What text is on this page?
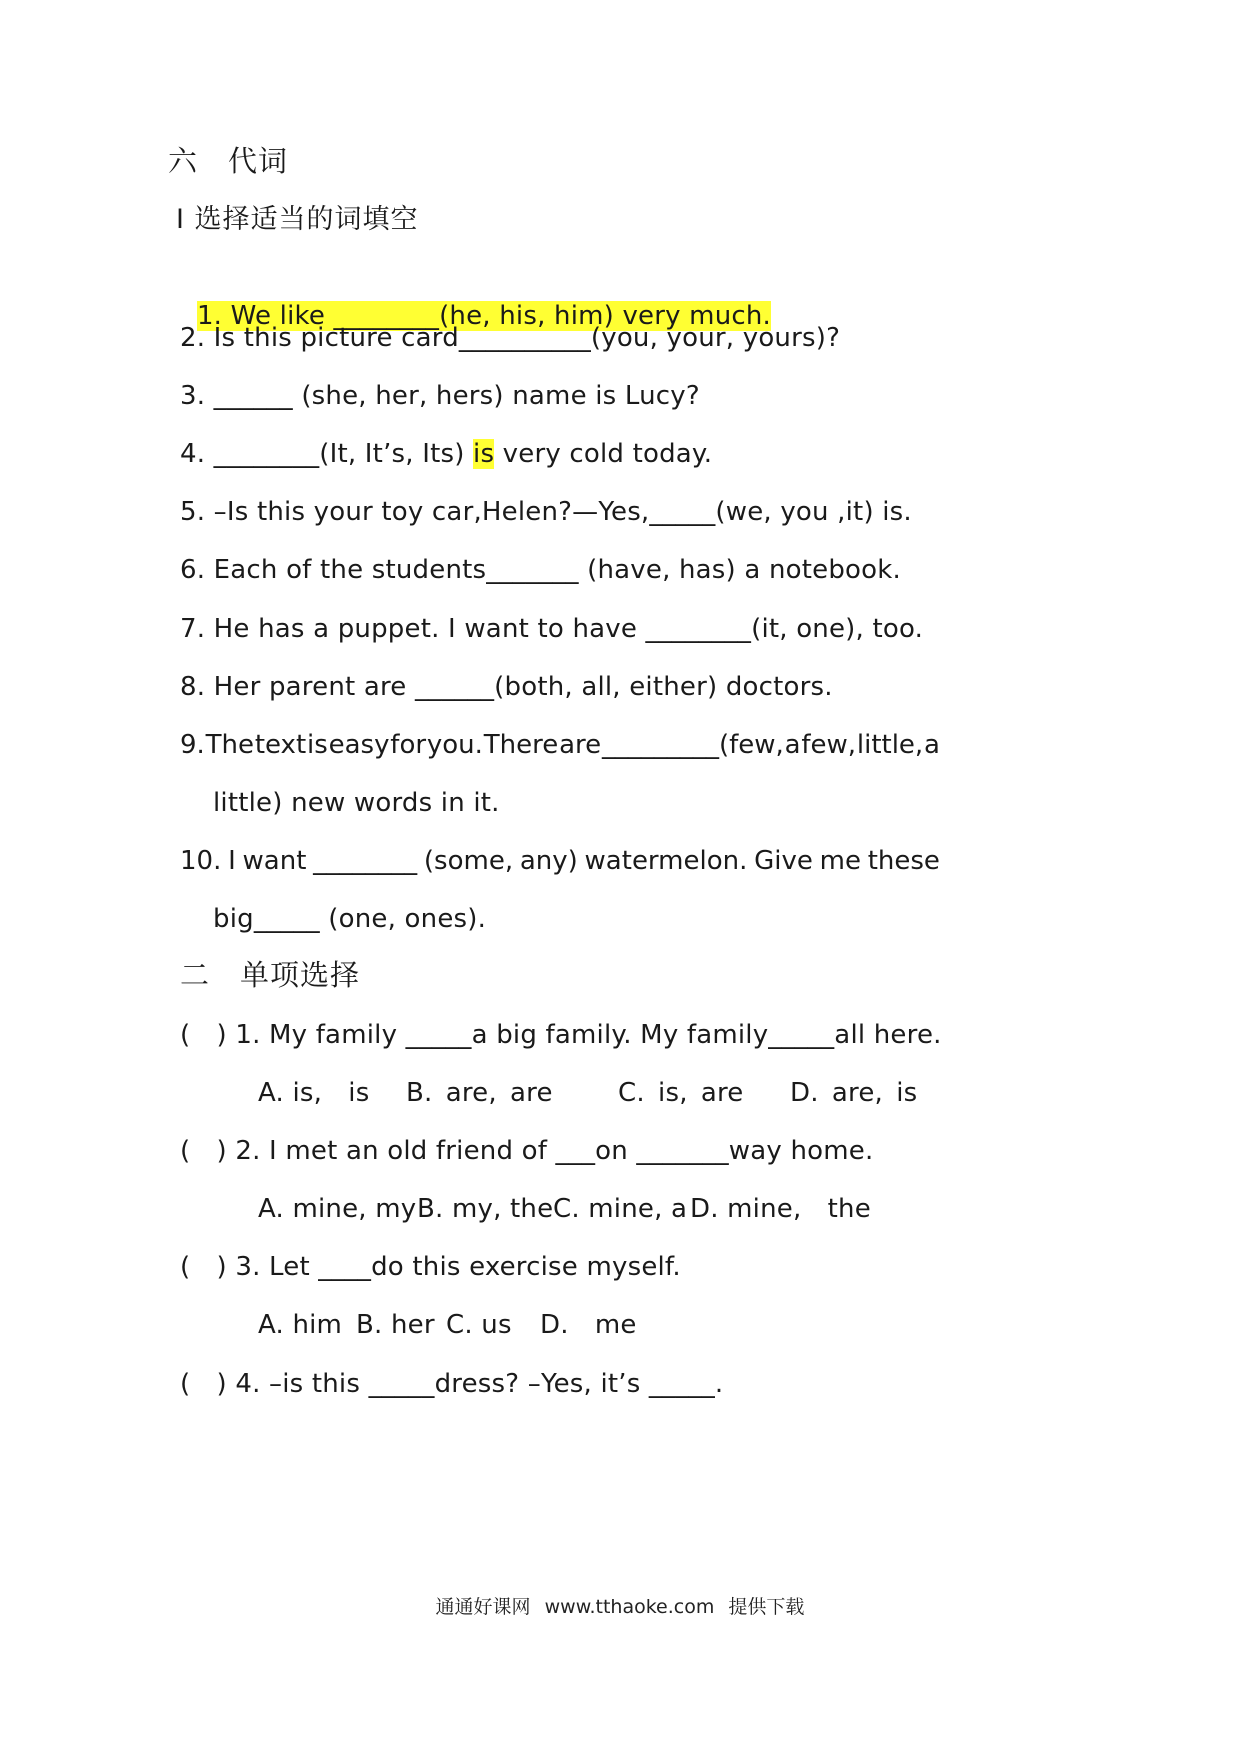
六　代词
I 选择适当的词填空

1. We like ________(he, his, him) very much.

2. Is this picture card__________(you, your, yours)?
3. ______ (she, her, hers) name is Lucy?
4. ________(It, It’s, Its) is very cold today.
5. –Is this your toy car,Helen?—Yes,_____(we, you ,it) is.
6. Each of the students_______ (have, has) a notebook.
7. He has a puppet. I want to have ________(it, one), too.
8. Her parent are ______(both, all, either) doctors.
9. The text is easy for you. There are _________(few, a few, little, a
little) new words in it.
10. I want ________ (some, any) watermelon. Give me these
big_____ (one, ones).
二　单项选择
(　) 1. My family _____a big family. My family_____all here.
A. is, is B. are, are	C. is, are D. are, is
(　) 2. I met an old friend of ___on _______way home.
A. mine, my B. my, the C. mine, a D. mine, the
(　) 3. Let ____do this exercise myself.
A. him B. her C. us D. me
(　) 4. –is this _____dress? –Yes, it’s _____.
通通好课网 www.tthaoke.com 提供下载
